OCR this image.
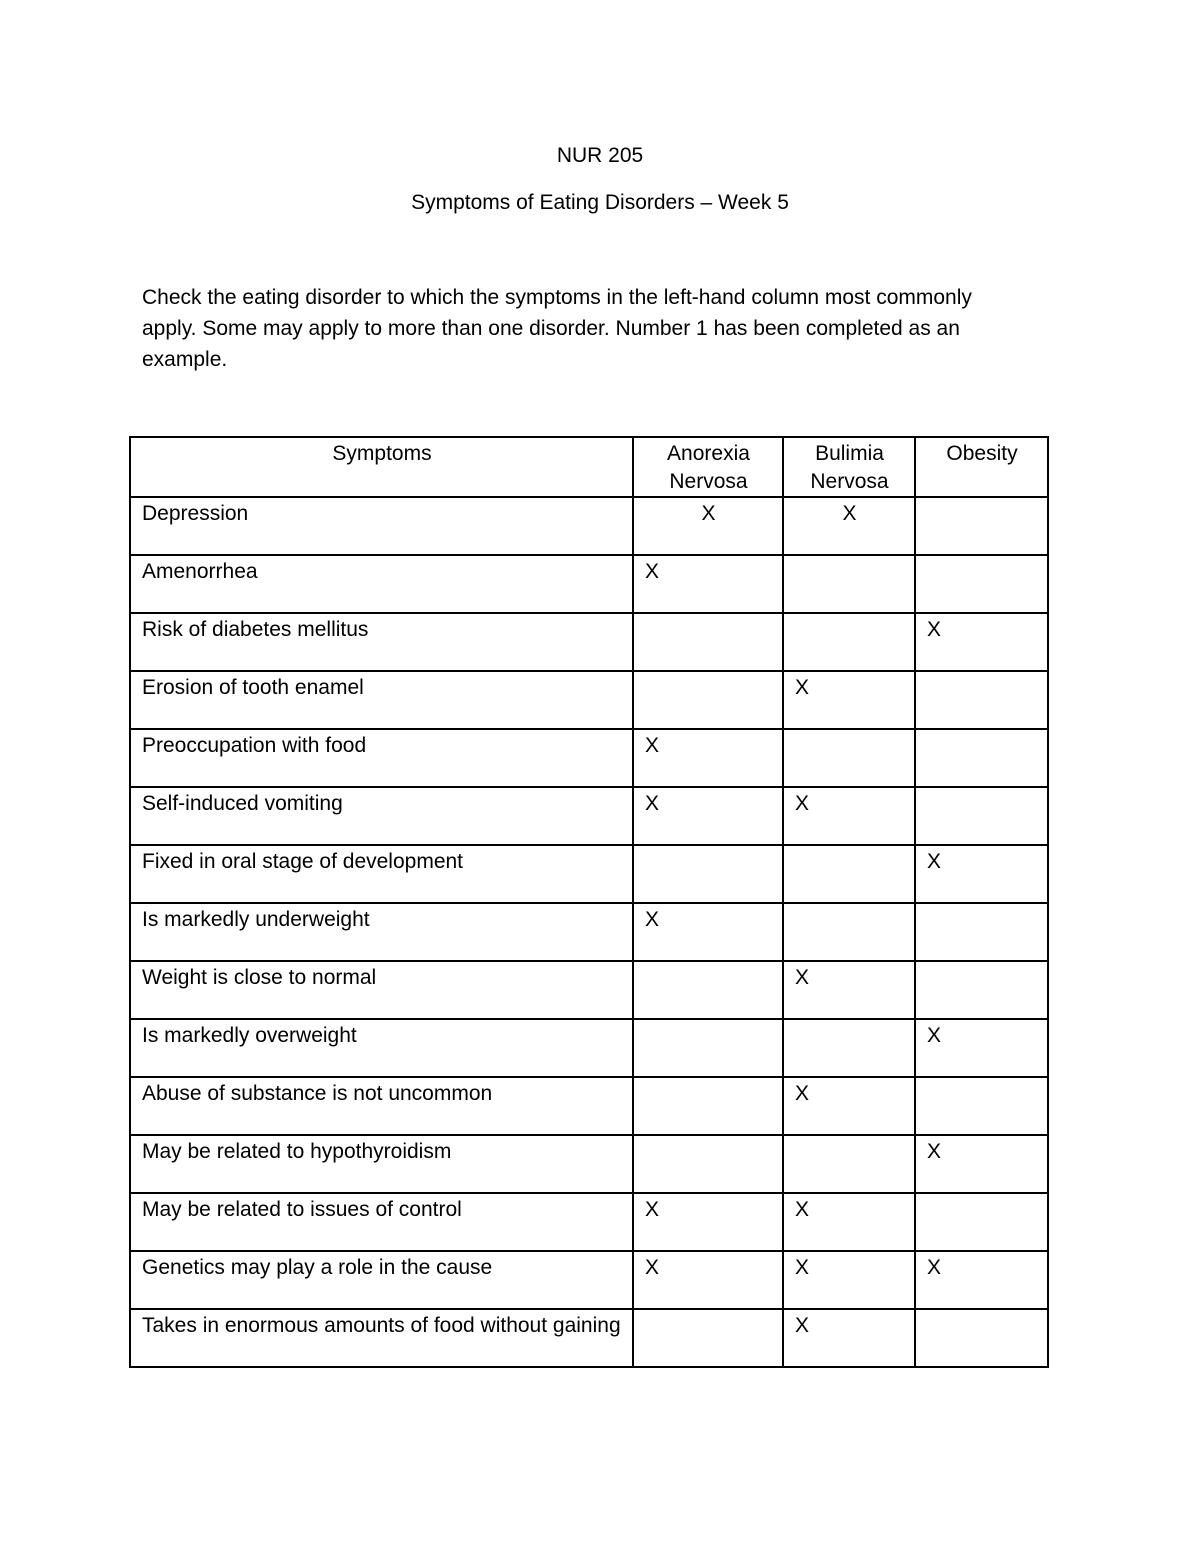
NUR 205
Symptoms of Eating Disorders – Week 5
Check the eating disorder to which the symptoms in the left-hand column most commonly apply. Some may apply to more than one disorder. Number 1 has been completed as an example.
Symptoms	Anorexia Nervosa	Bulimia Nervosa	Obesity
Depression	X	X	
Amenorrhea	X		
Risk of diabetes mellitus			X
Erosion of tooth enamel		X	
Preoccupation with food	X		
Self-induced vomiting	X	X	
Fixed in oral stage of development			X
Is markedly underweight	X		
Weight is close to normal		X	
Is markedly overweight			X
Abuse of substance is not uncommon		X	
May be related to hypothyroidism			X
May be related to issues of control	X	X	
Genetics may play a role in the cause	X	X	X
Takes in enormous amounts of food without gaining		X	
